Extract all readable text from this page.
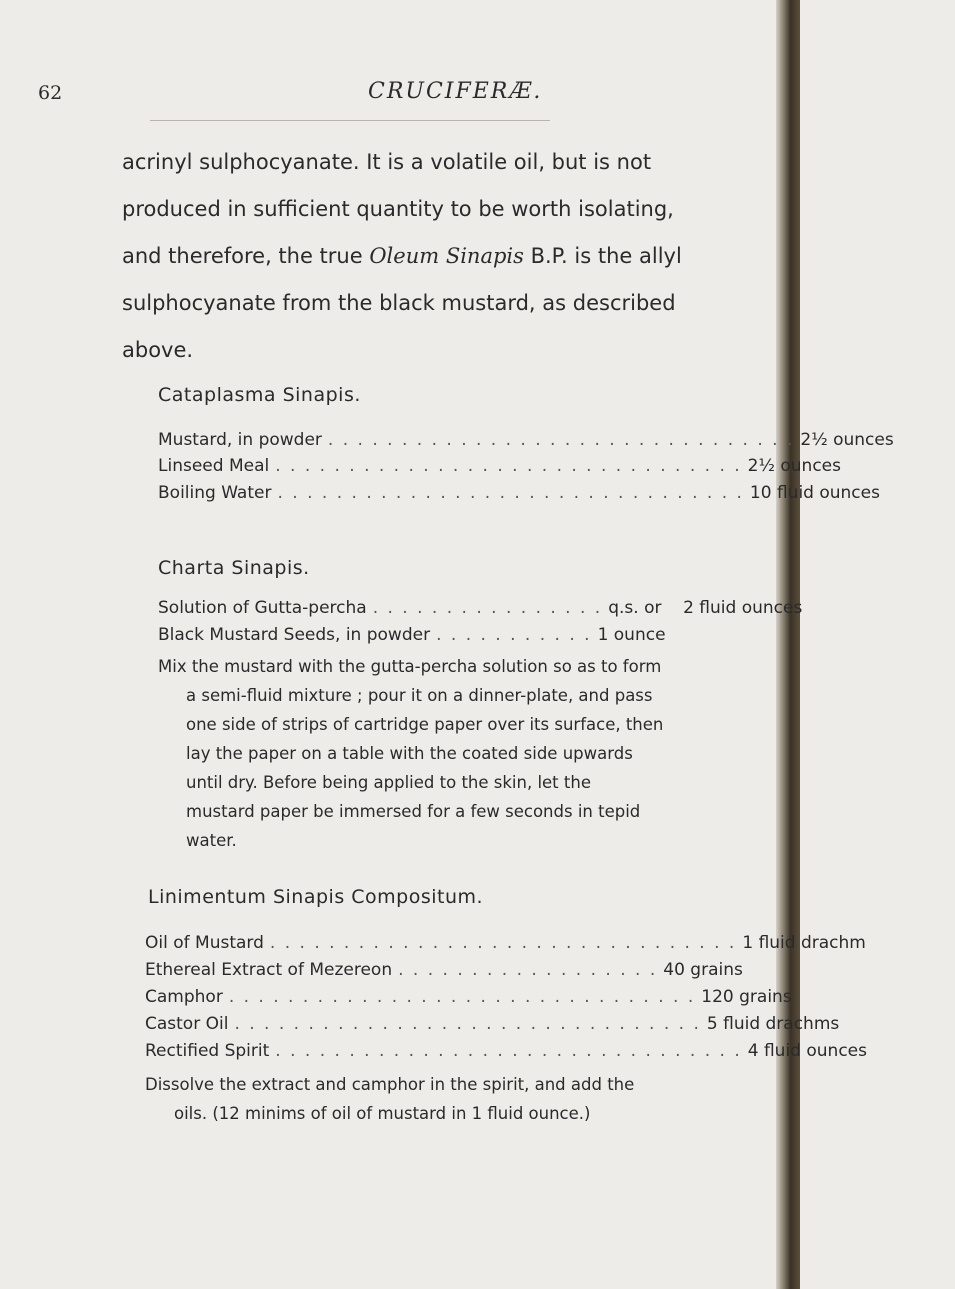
62	CRUCIFERÆ.
acrinyl sulphocyanate. It is a volatile oil, but is not
produced in sufficient quantity to be worth isolating,
and therefore, the true Oleum Sinapis B.P. is the allyl
sulphocyanate from the black mustard, as described
above.
Cataplasma Sinapis.
Mustard, in powder . . . . . . . . . . . . . . . . . . . . . . . . . . . . . . . . 2½ ounces
Linseed Meal . . . . . . . . . . . . . . . . . . . . . . . . . . . . . . . . 2½ ounces
Boiling Water . . . . . . . . . . . . . . . . . . . . . . . . . . . . . . . . 10 fluid ounces
Charta Sinapis.
Solution of Gutta-percha . . . . . . . . . . . . . . . . q.s. or    2 fluid ounces
Black Mustard Seeds, in powder . . . . . . . . . . . 1 ounce
Mix the mustard with the gutta-percha solution so as to form
a semi-fluid mixture ; pour it on a dinner-plate, and pass
one side of strips of cartridge paper over its surface, then
lay the paper on a table with the coated side upwards
until dry. Before being applied to the skin, let the
mustard paper be immersed for a few seconds in tepid
water.
Linimentum Sinapis Compositum.
Oil of Mustard . . . . . . . . . . . . . . . . . . . . . . . . . . . . . . . . 1 fluid drachm
Ethereal Extract of Mezereon . . . . . . . . . . . . . . . . . . 40 grains
Camphor . . . . . . . . . . . . . . . . . . . . . . . . . . . . . . . . 120 grains
Castor Oil . . . . . . . . . . . . . . . . . . . . . . . . . . . . . . . . 5 fluid drachms
Rectified Spirit . . . . . . . . . . . . . . . . . . . . . . . . . . . . . . . . 4 fluid ounces
Dissolve the extract and camphor in the spirit, and add the
oils. (12 minims of oil of mustard in 1 fluid ounce.)
